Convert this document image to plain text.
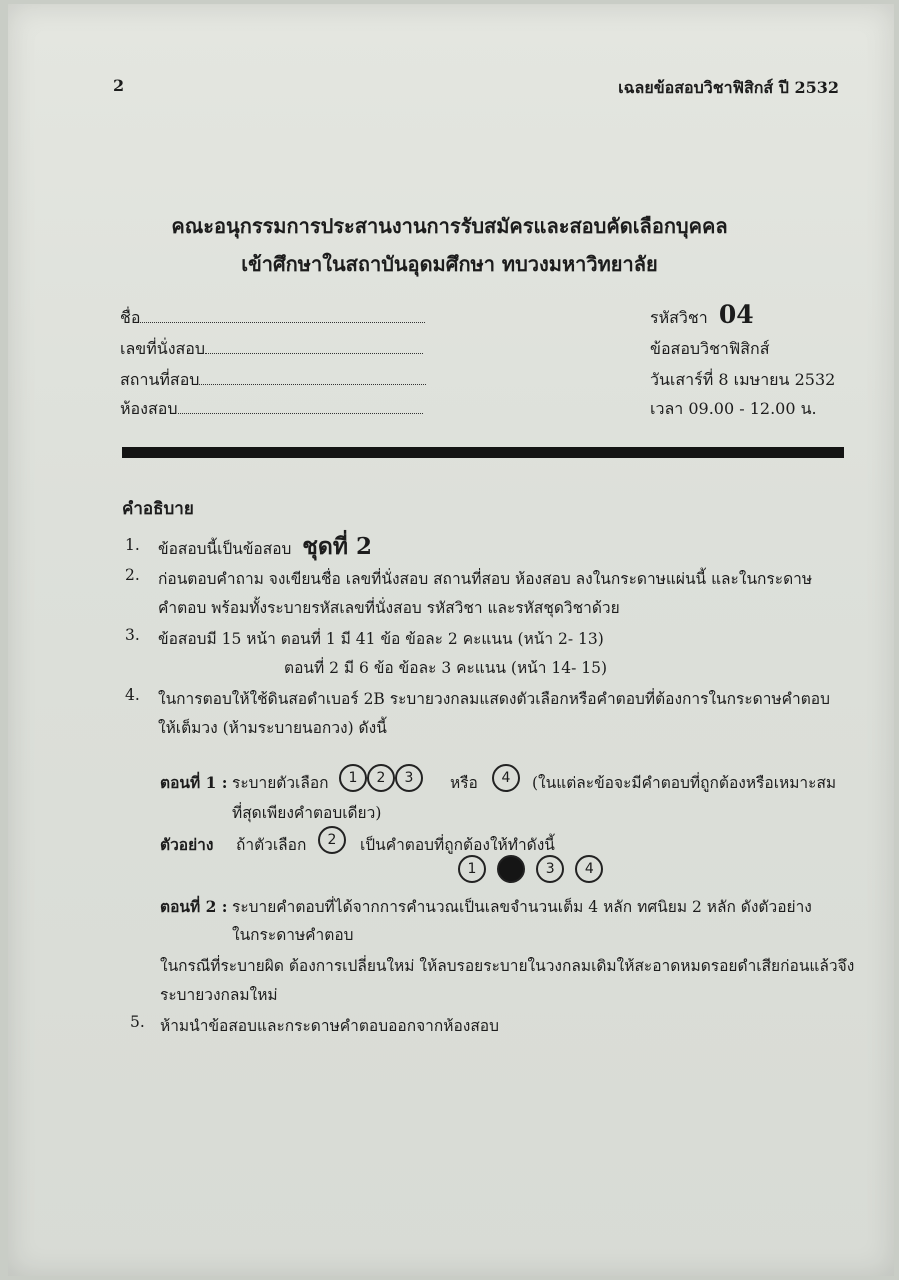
2	เฉลยข้อสอบวิชาฟิสิกส์ ปี 2532
คณะอนุกรรมการประสานงานการรับสมัครและสอบคัดเลือกบุคคล
เข้าศึกษาในสถาบันอุดมศึกษา ทบวงมหาวิทยาลัย
ชื่อ
เลขที่นั่งสอบ
สถานที่สอบ
ห้องสอบ
รหัสวิชา 04
ข้อสอบวิชาฟิสิกส์
วันเสาร์ที่ 8 เมษายน 2532
เวลา 09.00 - 12.00 น.
คำอธิบาย
1. ข้อสอบนี้เป็นข้อสอบ ชุดที่ 2
2. ก่อนตอบคำถาม จงเขียนชื่อ เลขที่นั่งสอบ สถานที่สอบ ห้องสอบ ลงในกระดาษแผ่นนี้ และในกระดาษ
คำตอบ พร้อมทั้งระบายรหัสเลขที่นั่งสอบ รหัสวิชา และรหัสชุดวิชาด้วย
3. ข้อสอบมี 15 หน้า ตอนที่ 1 มี 41 ข้อ ข้อละ 2 คะแนน (หน้า 2- 13)
ตอนที่ 2 มี 6 ข้อ ข้อละ 3 คะแนน (หน้า 14- 15)
4. ในการตอบให้ใช้ดินสอดำเบอร์ 2B ระบายวงกลมแสดงตัวเลือกหรือคำตอบที่ต้องการในกระดาษคำตอบ
ให้เต็มวง (ห้ามระบายนอกวง) ดังนี้
ตอนที่ 1 : ระบายตัวเลือก	1 2 3	หรือ	4	(ในแต่ละข้อจะมีคำตอบที่ถูกต้องหรือเหมาะสม
ที่สุดเพียงคำตอบเดียว)
ตัวอย่าง ถ้าตัวเลือก	2	เป็นคำตอบที่ถูกต้องให้ทำดังนี้
1	3 4
ตอนที่ 2 : ระบายคำตอบที่ได้จากการคำนวณเป็นเลขจำนวนเต็ม 4 หลัก ทศนิยม 2 หลัก ดังตัวอย่าง
ในกระดาษคำตอบ
ในกรณีที่ระบายผิด ต้องการเปลี่ยนใหม่ ให้ลบรอยระบายในวงกลมเดิมให้สะอาดหมดรอยดำเสียก่อนแล้วจึง
ระบายวงกลมใหม่
5. ห้ามนำข้อสอบและกระดาษคำตอบออกจากห้องสอบ
